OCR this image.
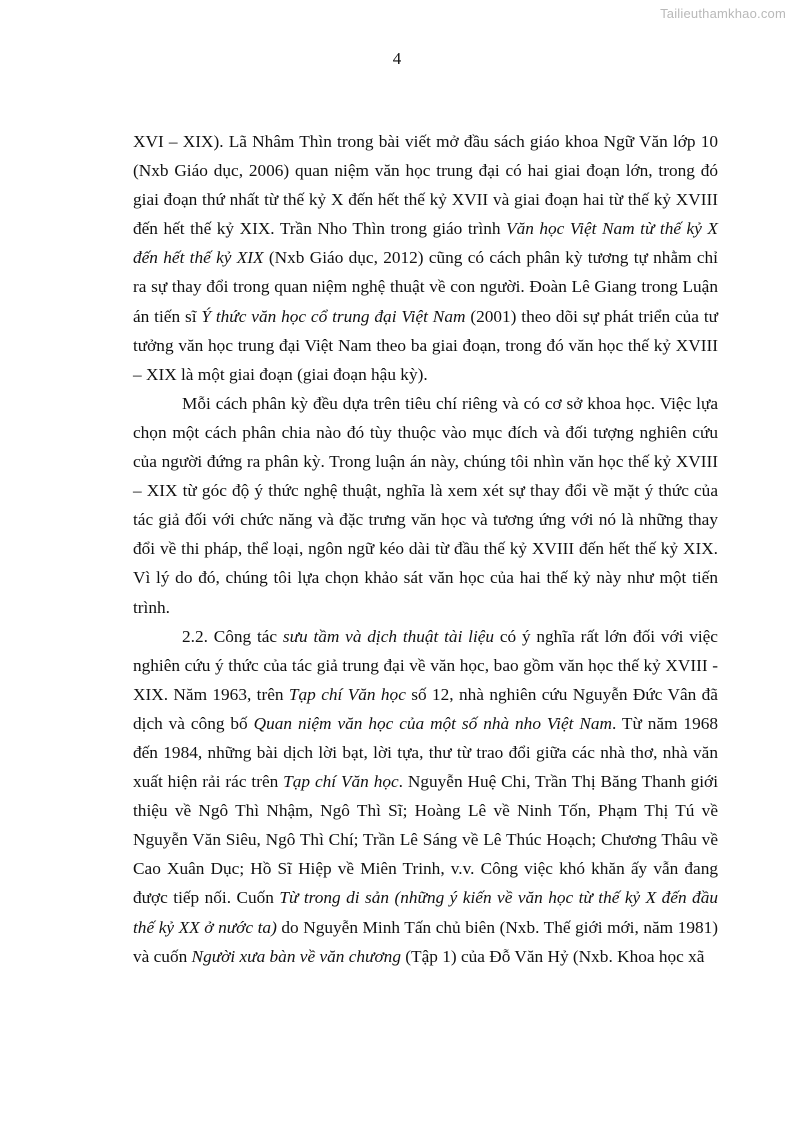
Tailieuthamkhao.com
4

XVI – XIX). Lã Nhâm Thìn trong bài viết mở đầu sách giáo khoa Ngữ Văn lớp 10 (Nxb Giáo dục, 2006) quan niệm văn học trung đại có hai giai đoạn lớn, trong đó giai đoạn thứ nhất từ thế kỷ X đến hết thế kỷ XVII và giai đoạn hai từ thế kỷ XVIII đến hết thế kỷ XIX. Trần Nho Thìn trong giáo trình Văn học Việt Nam từ thế kỷ X đến hết thế kỷ XIX (Nxb Giáo dục, 2012) cũng có cách phân kỳ tương tự nhằm chỉ ra sự thay đổi trong quan niệm nghệ thuật về con người. Đoàn Lê Giang trong Luận án tiến sĩ Ý thức văn học cổ trung đại Việt Nam (2001) theo dõi sự phát triển của tư tưởng văn học trung đại Việt Nam theo ba giai đoạn, trong đó văn học thế kỷ XVIII – XIX là một giai đoạn (giai đoạn hậu kỳ).

Mỗi cách phân kỳ đều dựa trên tiêu chí riêng và có cơ sở khoa học. Việc lựa chọn một cách phân chia nào đó tùy thuộc vào mục đích và đối tượng nghiên cứu của người đứng ra phân kỳ. Trong luận án này, chúng tôi nhìn văn học thế kỷ XVIII – XIX từ góc độ ý thức nghệ thuật, nghĩa là xem xét sự thay đổi về mặt ý thức của tác giả đối với chức năng và đặc trưng văn học và tương ứng với nó là những thay đổi về thi pháp, thể loại, ngôn ngữ kéo dài từ đầu thế kỷ XVIII đến hết thế kỷ XIX. Vì lý do đó, chúng tôi lựa chọn khảo sát văn học của hai thế kỷ này như một tiến trình.

2.2. Công tác sưu tầm và dịch thuật tài liệu có ý nghĩa rất lớn đối với việc nghiên cứu ý thức của tác giả trung đại về văn học, bao gồm văn học thế kỷ XVIII - XIX. Năm 1963, trên Tạp chí Văn học số 12, nhà nghiên cứu Nguyễn Đức Vân đã dịch và công bố Quan niệm văn học của một số nhà nho Việt Nam. Từ năm 1968 đến 1984, những bài dịch lời bạt, lời tựa, thư từ trao đổi giữa các nhà thơ, nhà văn xuất hiện rải rác trên Tạp chí Văn học. Nguyễn Huệ Chi, Trần Thị Băng Thanh giới thiệu về Ngô Thì Nhậm, Ngô Thì Sĩ; Hoàng Lê về Ninh Tốn, Phạm Thị Tú về Nguyễn Văn Siêu, Ngô Thì Chí; Trần Lê Sáng về Lê Thúc Hoạch; Chương Thâu về Cao Xuân Dục; Hồ Sĩ Hiệp về Miên Trinh, v.v. Công việc khó khăn ấy vẫn đang được tiếp nối. Cuốn Từ trong di sản (những ý kiến về văn học từ thế kỷ X đến đầu thế kỷ XX ở nước ta) do Nguyễn Minh Tấn chủ biên (Nxb. Thế giới mới, năm 1981) và cuốn Người xưa bàn về văn chương (Tập 1) của Đỗ Văn Hỷ (Nxb. Khoa học xã
